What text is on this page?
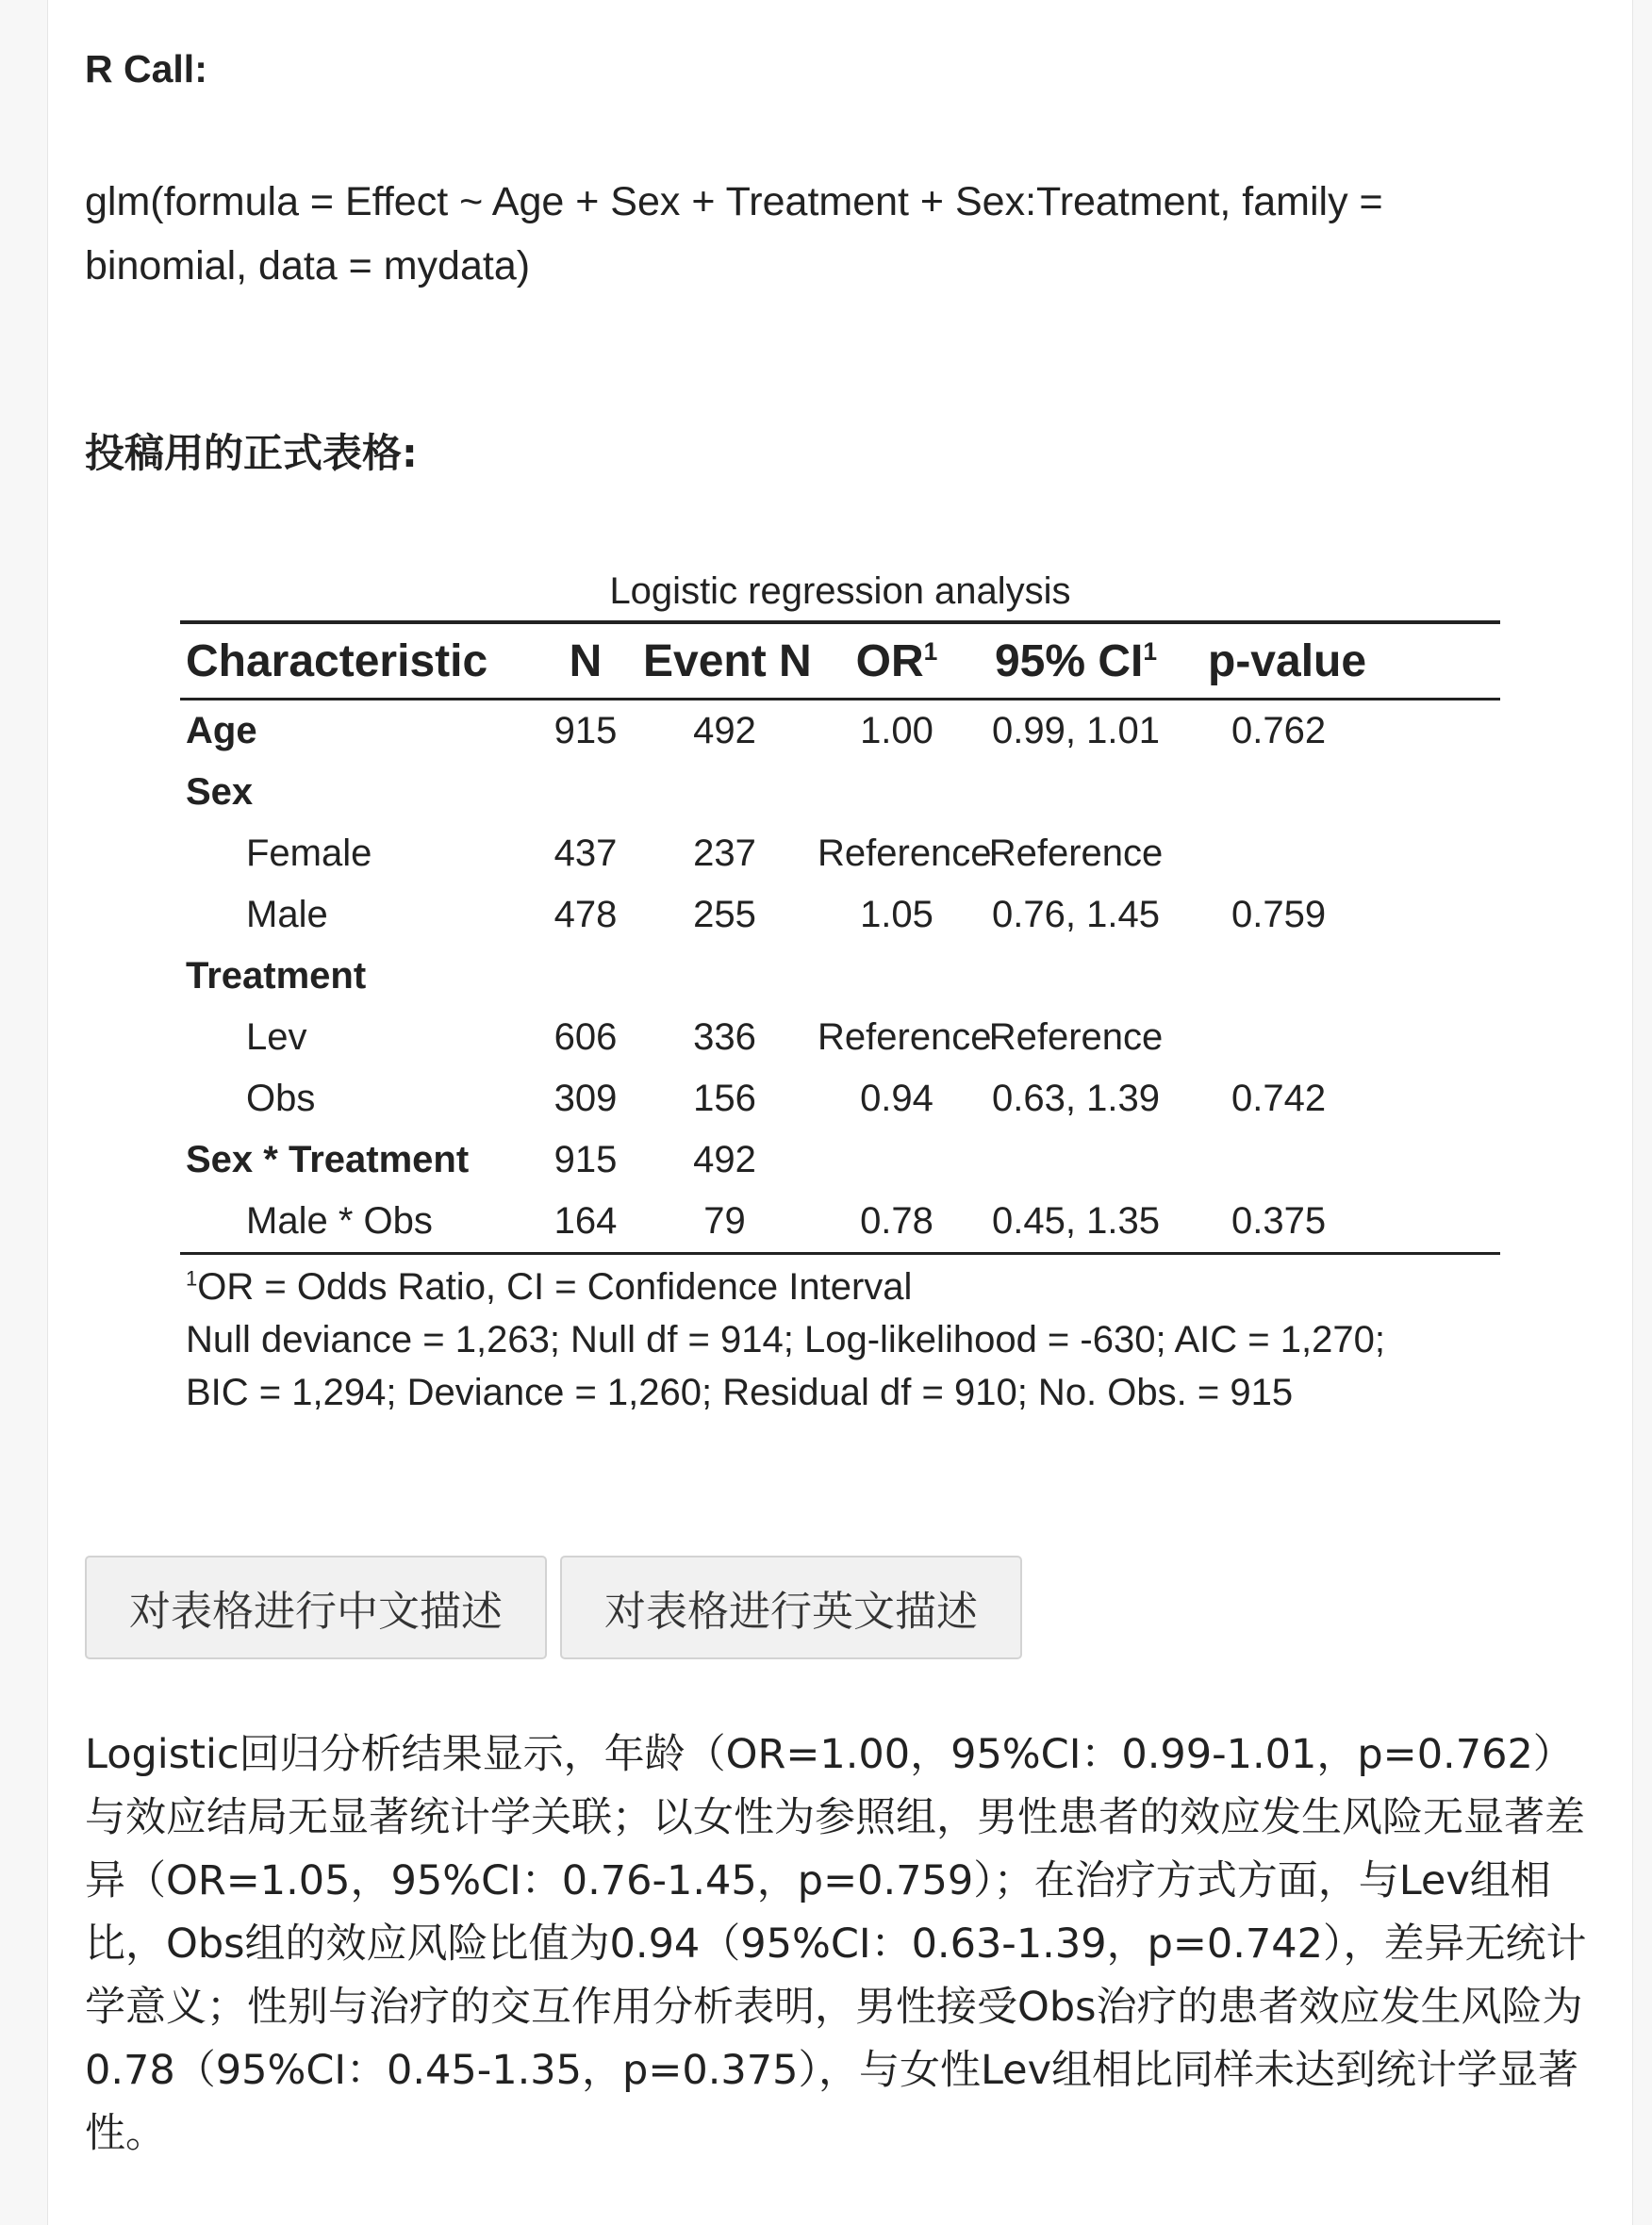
R Call:

glm(formula = Effect ~ Age + Sex + Treatment + Sex:Treatment, family = binomial, data = mydata)

投稿用的正式表格:

Logistic regression analysis
Characteristic	N	Event N	$OR^1$	95% $CI^1$	p-value
Age	915	492	1.00	0.99, 1.01	0.762
Sex					
Female	437	237	Reference	Reference	
Male	478	255	1.05	0.76, 1.45	0.759
Treatment					
Lev	606	336	Reference	Reference	
Obs	309	156	0.94	0.63, 1.39	0.742
Sex * Treatment	915	492			
Male * Obs	164	79	0.78	0.45, 1.35	0.375
$^1$OR = Odds Ratio, CI = Confidence Interval
Null deviance = 1,263; Null df = 914; Log-likelihood = -630; AIC = 1,270;
BIC = 1,294; Deviance = 1,260; Residual df = 910; No. Obs. = 915
对表格进行中文描述	对表格进行英文描述

Logistic回归分析结果显示，年龄（OR=1.00，95%CI：0.99-1.01，p=0.762）与效应结局无显著统计学关联；以女性为参照组，男性患者的效应发生风险无显著差异（OR=1.05，95%CI：0.76-1.45，p=0.759）；在治疗方式方面，与Lev组相比，Obs组的效应风险比值为0.94（95%CI：0.63-1.39，p=0.742），差异无统计学意义；性别与治疗的交互作用分析表明，男性接受Obs治疗的患者效应发生风险为0.78（95%CI：0.45-1.35，p=0.375），与女性Lev组相比同样未达到统计学显著性。
